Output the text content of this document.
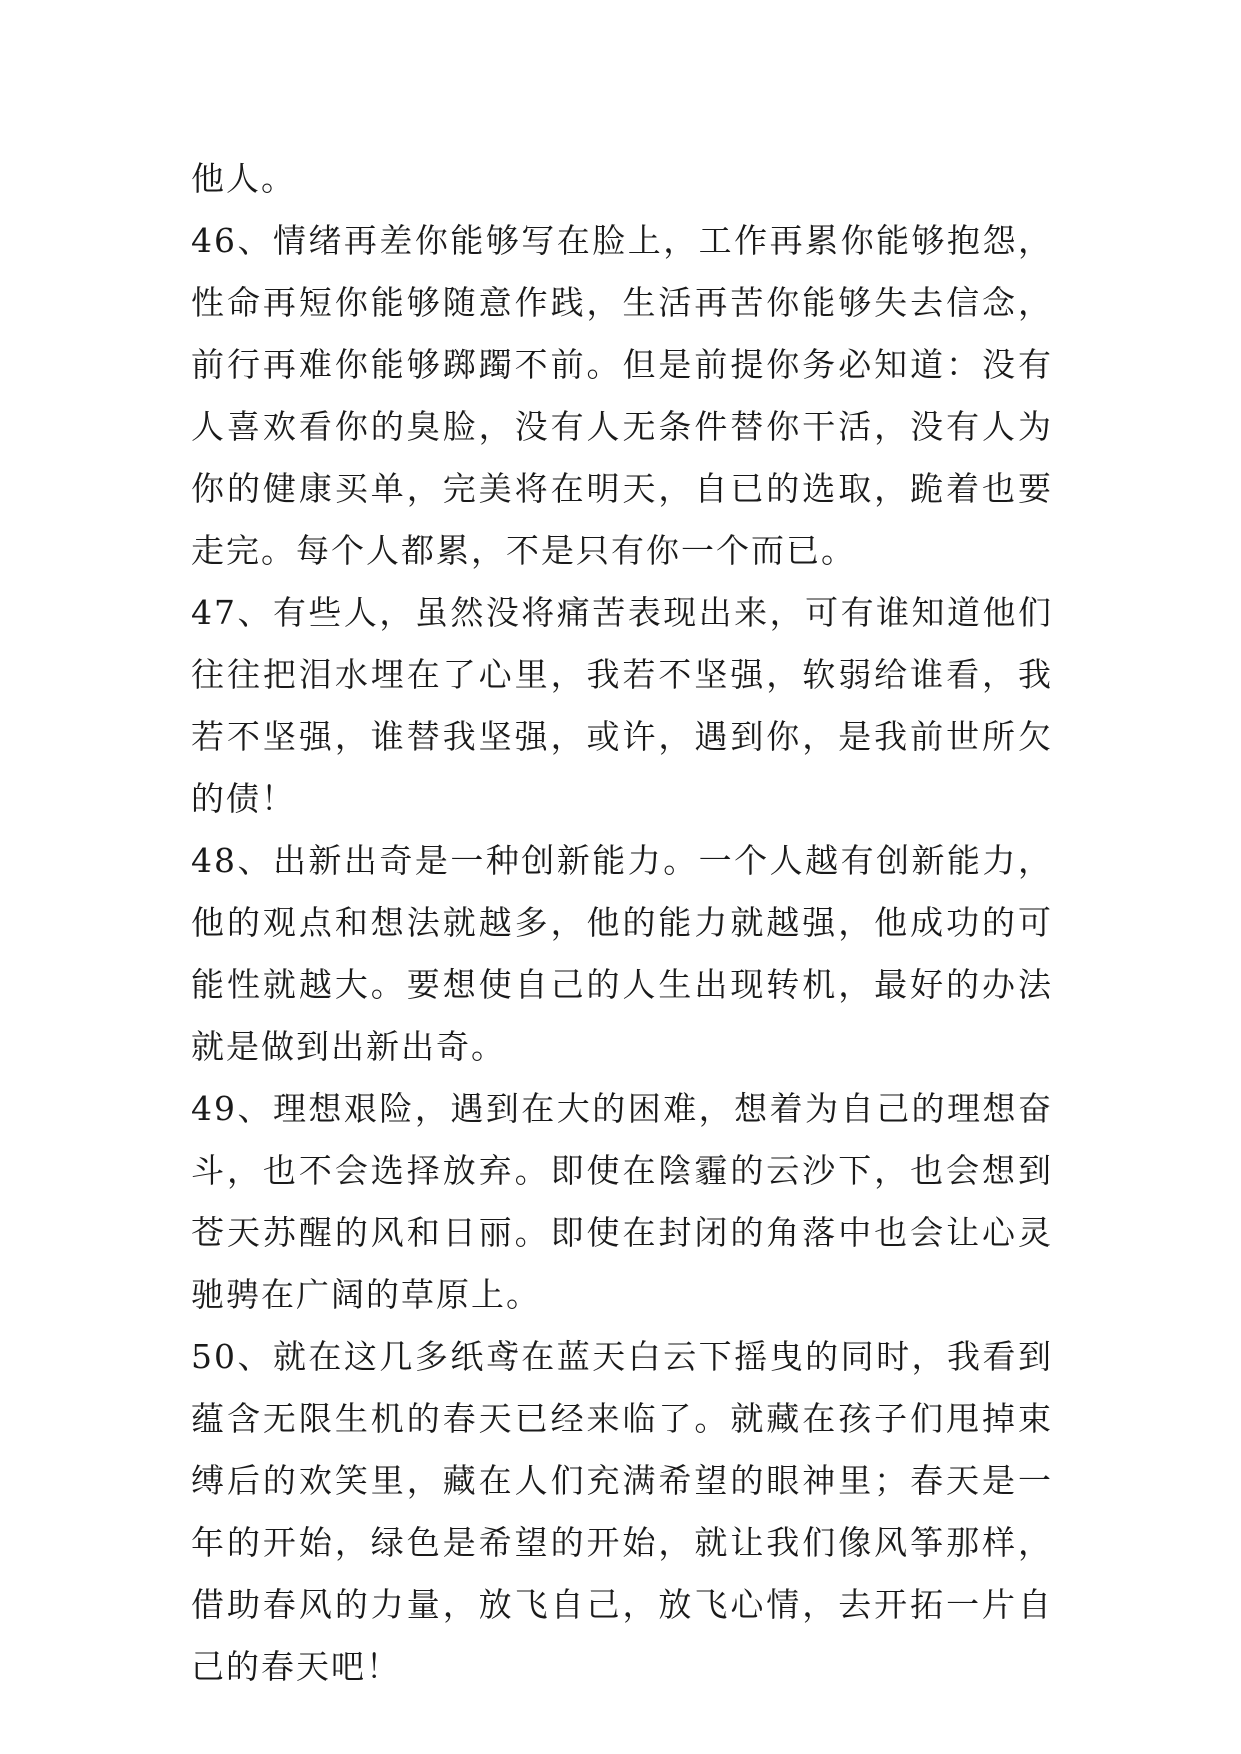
他人。

46、情绪再差你能够写在脸上，工作再累你能够抱怨，性命再短你能够随意作践，生活再苦你能够失去信念，前行再难你能够踯躅不前。但是前提你务必知道：没有人喜欢看你的臭脸，没有人无条件替你干活，没有人为你的健康买单，完美将在明天，自已的选取，跪着也要走完。每个人都累，不是只有你一个而已。

47、有些人，虽然没将痛苦表现出来，可有谁知道他们往往把泪水埋在了心里，我若不坚强，软弱给谁看，我若不坚强，谁替我坚强，或许，遇到你，是我前世所欠的债！

48、出新出奇是一种创新能力。一个人越有创新能力，他的观点和想法就越多，他的能力就越强，他成功的可能性就越大。要想使自己的人生出现转机，最好的办法就是做到出新出奇。

49、理想艰险，遇到在大的困难，想着为自己的理想奋斗，也不会选择放弃。即使在陰霾的云沙下，也会想到苍天苏醒的风和日丽。即使在封闭的角落中也会让心灵驰骋在广阔的草原上。

50、就在这几多纸鸢在蓝天白云下摇曳的同时，我看到蕴含无限生机的春天已经来临了。就藏在孩子们甩掉束缚后的欢笑里，藏在人们充满希望的眼神里；春天是一年的开始，绿色是希望的开始，就让我们像风筝那样，借助春风的力量，放飞自己，放飞心情，去开拓一片自己的春天吧！
